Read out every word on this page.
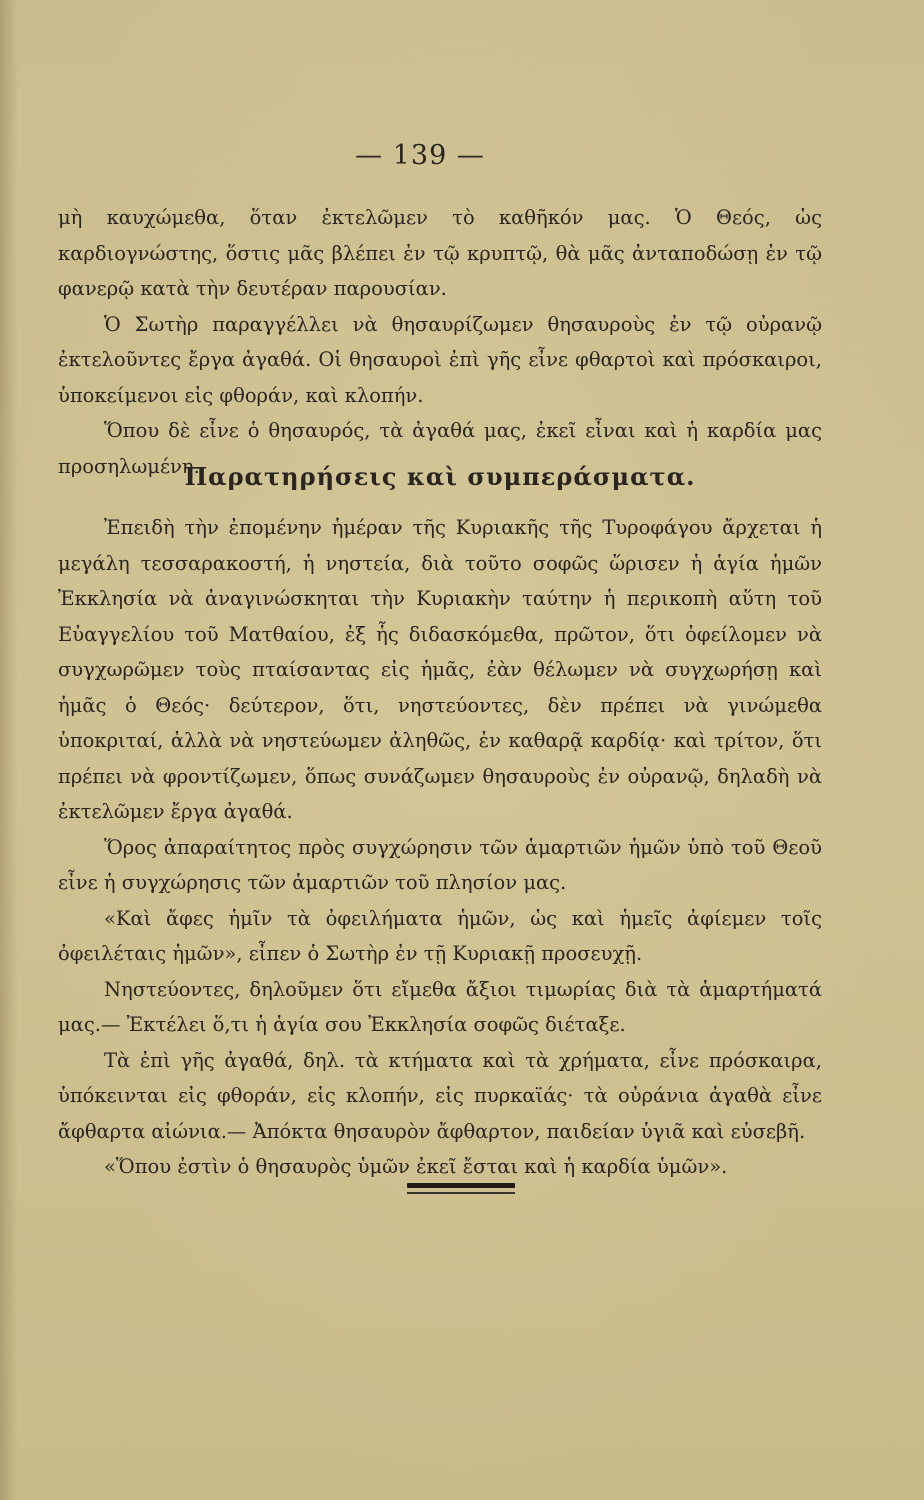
— 139 —

μὴ καυχώμεθα, ὅταν ἐκτελῶμεν τὸ καθῆκόν μας. Ὁ Θεός, ὡς καρδιογνώστης, ὅστις μᾶς βλέπει ἐν τῷ κρυπτῷ, θὰ μᾶς ἀνταποδώσῃ ἐν τῷ φανερῷ κατὰ τὴν δευτέραν παρουσίαν.

Ὁ Σωτὴρ παραγγέλλει νὰ θησαυρίζωμεν θησαυροὺς ἐν τῷ οὐρανῷ ἐκτελοῦντες ἔργα ἀγαθά. Οἱ θησαυροὶ ἐπὶ γῆς εἶνε φθαρτοὶ καὶ πρόσκαιροι, ὑποκείμενοι εἰς φθοράν, καὶ κλοπήν.

Ὅπου δὲ εἶνε ὁ θησαυρός, τὰ ἀγαθά μας, ἐκεῖ εἶναι καὶ ἡ καρδία μας προσηλωμένη.

Παρατηρήσεις καὶ συμπεράσματα.

Ἐπειδὴ τὴν ἐπομένην ἡμέραν τῆς Κυριακῆς τῆς Τυροφάγου ἄρχεται ἡ μεγάλη τεσσαρακοστή, ἡ νηστεία, διὰ τοῦτο σοφῶς ὥρισεν ἡ ἁγία ἡμῶν Ἐκκλησία νὰ ἀναγινώσκηται τὴν Κυριακὴν ταύτην ἡ περικοπὴ αὕτη τοῦ Εὐαγγελίου τοῦ Ματθαίου, ἐξ ἧς διδασκόμεθα, πρῶτον, ὅτι ὀφείλομεν νὰ συγχωρῶμεν τοὺς πταίσαντας εἰς ἡμᾶς, ἐὰν θέλωμεν νὰ συγχωρήσῃ καὶ ἡμᾶς ὁ Θεός· δεύτερον, ὅτι, νηστεύοντες, δὲν πρέπει νὰ γινώμεθα ὑποκριταί, ἀλλὰ νὰ νηστεύωμεν ἀληθῶς, ἐν καθαρᾷ καρδίᾳ· καὶ τρίτον, ὅτι πρέπει νὰ φροντίζωμεν, ὅπως συνάζωμεν θησαυροὺς ἐν οὐρανῷ, δηλαδὴ νὰ ἐκτελῶμεν ἔργα ἀγαθά.

Ὅρος ἀπαραίτητος πρὸς συγχώρησιν τῶν ἁμαρτιῶν ἡμῶν ὑπὸ τοῦ Θεοῦ εἶνε ἡ συγχώρησις τῶν ἁμαρτιῶν τοῦ πλησίον μας.

«Καὶ ἄφες ἡμῖν τὰ ὀφειλήματα ἡμῶν, ὡς καὶ ἡμεῖς ἀφίεμεν τοῖς ὀφειλέταις ἡμῶν», εἶπεν ὁ Σωτὴρ ἐν τῇ Κυριακῇ προσευχῇ.

Νηστεύοντες, δηλοῦμεν ὅτι εἴμεθα ἄξιοι τιμωρίας διὰ τὰ ἁμαρτήματά μας.— Ἐκτέλει ὅ,τι ἡ ἁγία σου Ἐκκλησία σοφῶς διέταξε.

Τὰ ἐπὶ γῆς ἀγαθά, δηλ. τὰ κτήματα καὶ τὰ χρήματα, εἶνε πρόσκαιρα, ὑπόκεινται εἰς φθοράν, εἰς κλοπήν, εἰς πυρκαϊάς· τὰ οὐράνια ἀγαθὰ εἶνε ἄφθαρτα αἰώνια.— Ἀπόκτα θησαυρὸν ἄφθαρτον, παιδείαν ὑγιᾶ καὶ εὐσεβῆ.

«Ὅπου ἐστὶν ὁ θησαυρὸς ὑμῶν ἐκεῖ ἔσται καὶ ἡ καρδία ὑμῶν».
